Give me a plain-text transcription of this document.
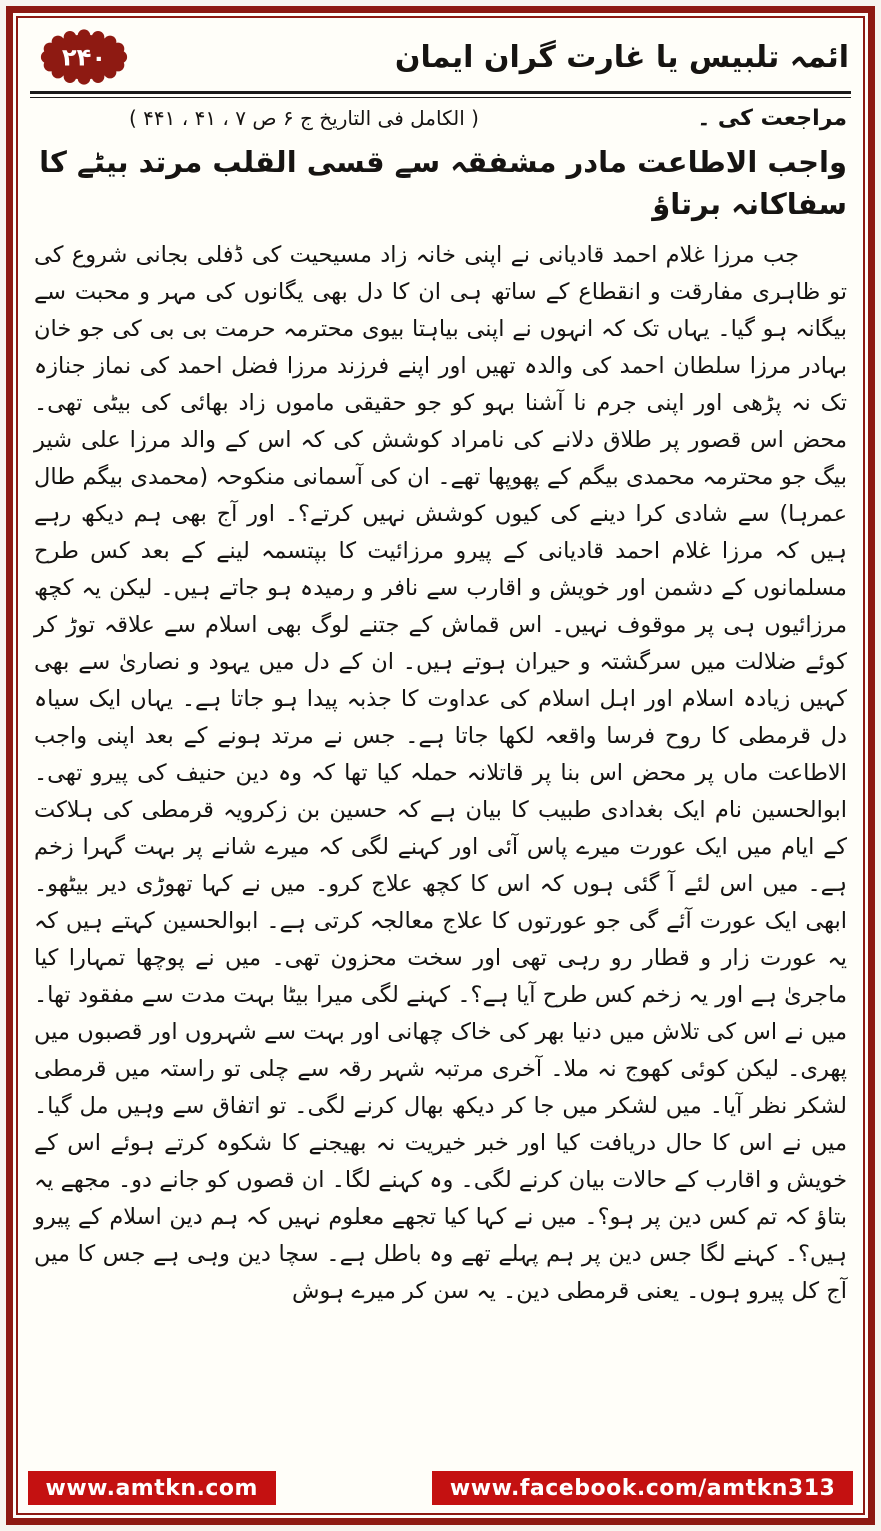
۲۴۰	ائمہ تلبیس یا غارت گران ایمان
مراجعت کی ۔
( الکامل فی التاریخ ج ۶ ص ۷ ، ۴۱ ، ۴۴۱ )
واجب الاطاعت مادر مشفقہ سے قسی القلب مرتد بیٹے کا سفاکانہ برتاؤ

جب مرزا غلام احمد قادیانی نے اپنی خانہ زاد مسیحیت کی ڈفلی بجانی شروع کی تو ظاہری مفارقت و انقطاع کے ساتھ ہی ان کا دل بھی یگانوں کی مہر و محبت سے بیگانہ ہو گیا۔ یہاں تک کہ انہوں نے اپنی بیاہتا بیوی محترمہ حرمت بی بی کی جو خان بہادر مرزا سلطان احمد کی والدہ تھیں اور اپنے فرزند مرزا فضل احمد کی نماز جنازہ تک نہ پڑھی اور اپنی جرم نا آشنا بہو کو جو حقیقی ماموں زاد بھائی کی بیٹی تھی۔ محض اس قصور پر طلاق دلانے کی نامراد کوشش کی کہ اس کے والد مرزا علی شیر بیگ جو محترمہ محمدی بیگم کے پھوپھا تھے۔ ان کی آسمانی منکوحہ (محمدی بیگم طال عمرہا) سے شادی کرا دینے کی کیوں کوشش نہیں کرتے؟۔ اور آج بھی ہم دیکھ رہے ہیں کہ مرزا غلام احمد قادیانی کے پیرو مرزائیت کا بپتسمہ لینے کے بعد کس طرح مسلمانوں کے دشمن اور خویش و اقارب سے نافر و رمیدہ ہو جاتے ہیں۔ لیکن یہ کچھ مرزائیوں ہی پر موقوف نہیں۔ اس قماش کے جتنے لوگ بھی اسلام سے علاقہ توڑ کر کوئے ضلالت میں سرگشتہ و حیران ہوتے ہیں۔ ان کے دل میں یہود و نصاریٰ سے بھی کہیں زیادہ اسلام اور اہل اسلام کی عداوت کا جذبہ پیدا ہو جاتا ہے۔ یہاں ایک سیاہ دل قرمطی کا روح فرسا واقعہ لکھا جاتا ہے۔ جس نے مرتد ہونے کے بعد اپنی واجب الاطاعت ماں پر محض اس بنا پر قاتلانہ حملہ کیا تھا کہ وہ دین حنیف کی پیرو تھی۔ ابوالحسین نام ایک بغدادی طبیب کا بیان ہے کہ حسین بن زکرویہ قرمطی کی ہلاکت کے ایام میں ایک عورت میرے پاس آئی اور کہنے لگی کہ میرے شانے پر بہت گہرا زخم ہے۔ میں اس لئے آ گئی ہوں کہ اس کا کچھ علاج کرو۔ میں نے کہا تھوڑی دیر بیٹھو۔ ابھی ایک عورت آئے گی جو عورتوں کا علاج معالجہ کرتی ہے۔ ابوالحسین کہتے ہیں کہ یہ عورت زار و قطار رو رہی تھی اور سخت محزون تھی۔ میں نے پوچھا تمہارا کیا ماجریٰ ہے اور یہ زخم کس طرح آیا ہے؟۔ کہنے لگی میرا بیٹا بہت مدت سے مفقود تھا۔ میں نے اس کی تلاش میں دنیا بھر کی خاک چھانی اور بہت سے شہروں اور قصبوں میں پھری۔ لیکن کوئی کھوج نہ ملا۔ آخری مرتبہ شہر رقہ سے چلی تو راستہ میں قرمطی لشکر نظر آیا۔ میں لشکر میں جا کر دیکھ بھال کرنے لگی۔ تو اتفاق سے وہیں مل گیا۔ میں نے اس کا حال دریافت کیا اور خبر خیریت نہ بھیجنے کا شکوہ کرتے ہوئے اس کے خویش و اقارب کے حالات بیان کرنے لگی۔ وہ کہنے لگا۔ ان قصوں کو جانے دو۔ مجھے یہ بتاؤ کہ تم کس دین پر ہو؟۔ میں نے کہا کیا تجھے معلوم نہیں کہ ہم دین اسلام کے پیرو ہیں؟۔ کہنے لگا جس دین پر ہم پہلے تھے وہ باطل ہے۔ سچا دین وہی ہے جس کا میں آج کل پیرو ہوں۔ یعنی قرمطی دین۔ یہ سن کر میرے ہوش

www.amtkn.com	www.facebook.com/amtkn313
